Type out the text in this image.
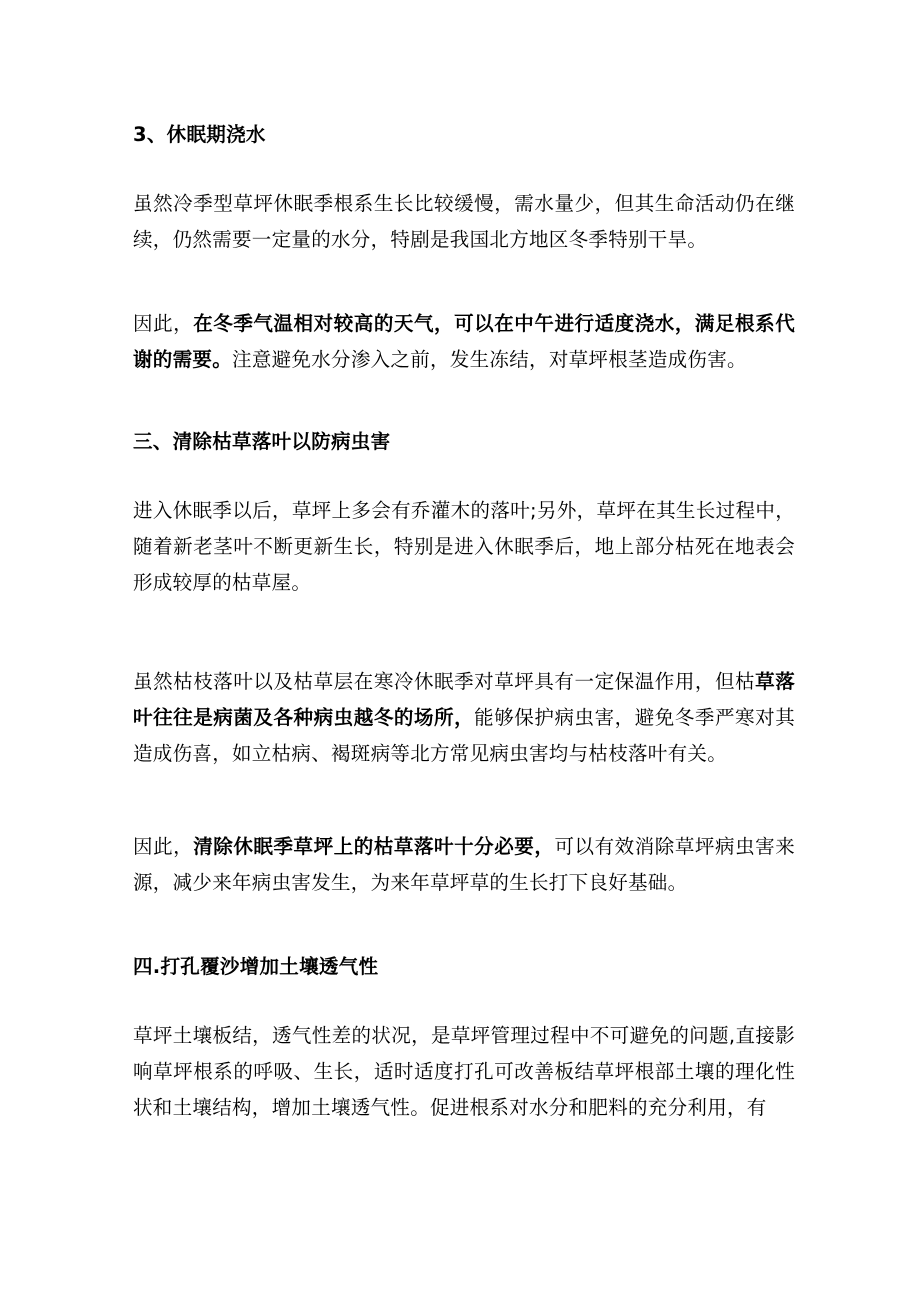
3、休眠期浇水
虽然冷季型草坪休眠季根系生长比较缓慢，需水量少，但其生命活动仍在继续，仍然需要一定量的水分，特剧是我国北方地区冬季特别干旱。
因此，在冬季气温相对较高的天气，可以在中午进行适度浇水，满足根系代谢的需要。注意避免水分渗入之前，发生冻结，对草坪根茎造成伤害。
三、清除枯草落叶以防病虫害
进入休眠季以后，草坪上多会有乔灌木的落叶;另外，草坪在其生长过程中，随着新老茎叶不断更新生长，特别是进入休眠季后，地上部分枯死在地表会形成较厚的枯草屋。
虽然枯枝落叶以及枯草层在寒冷休眠季对草坪具有一定保温作用，但枯草落叶往往是病菌及各种病虫越冬的场所，能够保护病虫害，避免冬季严寒对其造成伤喜，如立枯病、褐斑病等北方常见病虫害均与枯枝落叶有关。
因此，清除休眠季草坪上的枯草落叶十分必要，可以有效消除草坪病虫害来源，减少来年病虫害发生，为来年草坪草的生长打下良好基础。
四.打孔覆沙增加土壤透气性
草坪土壤板结，透气性差的状况，是草坪管理过程中不可避免的问题,直接影响草坪根系的呼吸、生长，适时适度打孔可改善板结草坪根部土壤的理化性状和土壤结构，增加土壤透气性。促进根系对水分和肥料的充分利用，有
